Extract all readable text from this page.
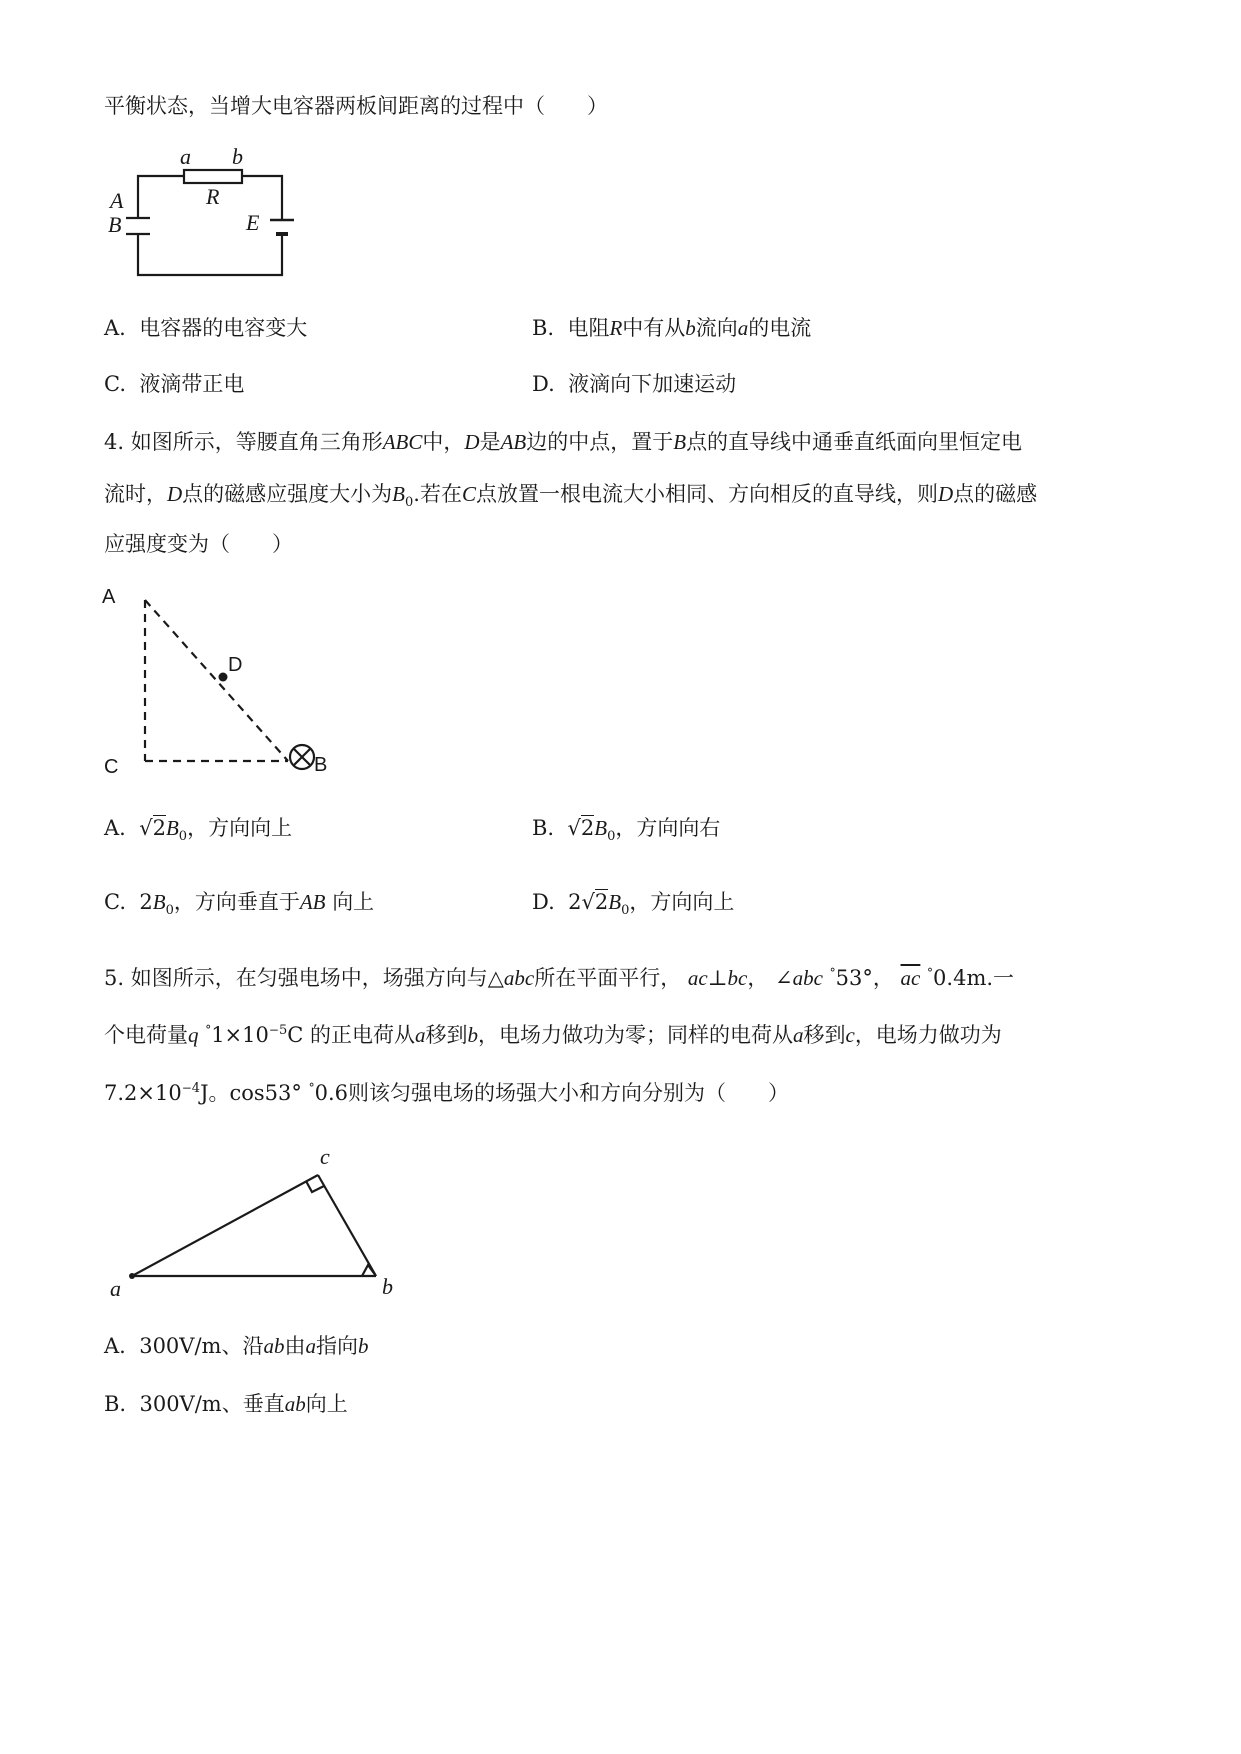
平衡状态，当增大电容器两板间距离的过程中（　　）
a b
R
A
B	E
A. 电容器的电容变大	B. 电阻R中有从b流向a的电流
C. 液滴带正电	D. 液滴向下加速运动
4. 如图所示，等腰直角三角形ABC中，D是AB边的中点，置于B点的直导线中通垂直纸面向里恒定电
流时，D点的磁感应强度大小为$B_0$.若在C点放置一根电流大小相同、方向相反的直导线，则D点的磁感
应强度变为（　　）
A
C
D
B
A. $√2B_0$，方向向上	B. $√2B_0$，方向向右
C. $2B_0$，方向垂直于AB 向上	D. $2√2B_0$，方向向上
5. 如图所示，在匀强电场中，场强方向与△abc所在平面平行， ac⊥bc， ∠abc °53°， $\overline{ac}$ °0.4m.一
个电荷量q $^\circ 1\times 10^{-5}C$ 的正电荷从a移到b，电场力做功为零；同样的电荷从a移到c，电场力做功为
$7.2\times 10^{-4}J$。cos53° °0.6则该匀强电场的场强大小和方向分别为（　　）
a	b
c
A. 300V/m、沿ab由a指向b
B. 300V/m、垂直ab向上
